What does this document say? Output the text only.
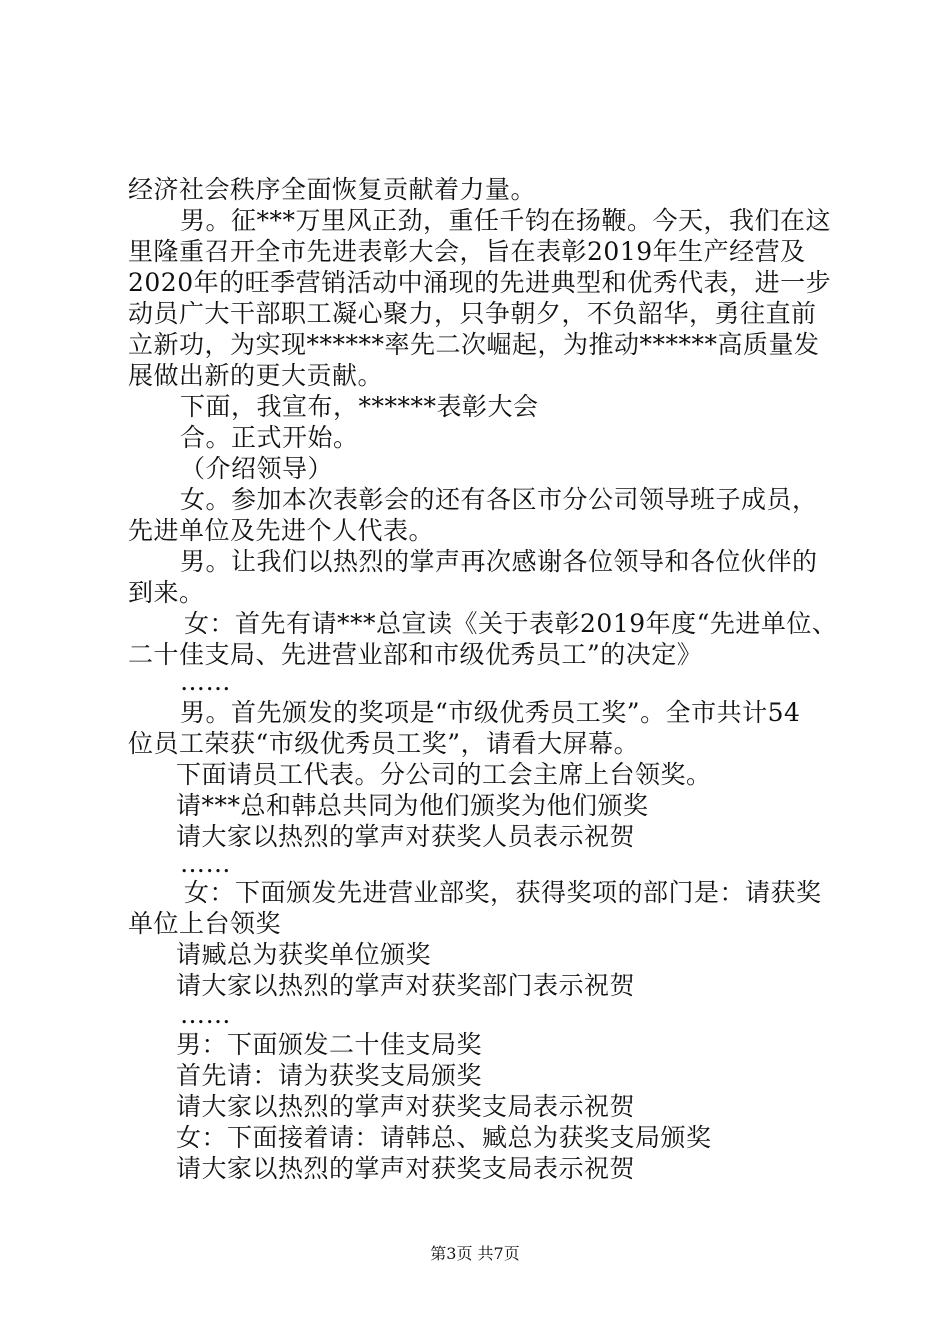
经济社会秩序全面恢复贡献着力量。
男。征***万里风正劲，重任千钧在扬鞭。今天，我们在这
里隆重召开全市先进表彰大会，旨在表彰2019年生产经营及
2020年的旺季营销活动中涌现的先进典型和优秀代表，进一步
动员广大干部职工凝心聚力，只争朝夕，不负韶华，勇往直前
立新功，为实现******率先二次崛起，为推动******高质量发
展做出新的更大贡献。
下面，我宣布，******表彰大会
合。正式开始。
（介绍领导）
女。参加本次表彰会的还有各区市分公司领导班子成员，
先进单位及先进个人代表。
男。让我们以热烈的掌声再次感谢各位领导和各位伙伴的
到来。
女：首先有请***总宣读《关于表彰2019年度“先进单位、
二十佳支局、先进营业部和市级优秀员工”的决定》
……
男。首先颁发的奖项是“市级优秀员工奖”。全市共计54
位员工荣获“市级优秀员工奖”，请看大屏幕。
下面请员工代表。分公司的工会主席上台领奖。
请***总和韩总共同为他们颁奖为他们颁奖
请大家以热烈的掌声对获奖人员表示祝贺
……
女：下面颁发先进营业部奖，获得奖项的部门是：请获奖
单位上台领奖
请臧总为获奖单位颁奖
请大家以热烈的掌声对获奖部门表示祝贺
……
男：下面颁发二十佳支局奖
首先请：请为获奖支局颁奖
请大家以热烈的掌声对获奖支局表示祝贺
女：下面接着请：请韩总、臧总为获奖支局颁奖
请大家以热烈的掌声对获奖支局表示祝贺
第3页 共7页
